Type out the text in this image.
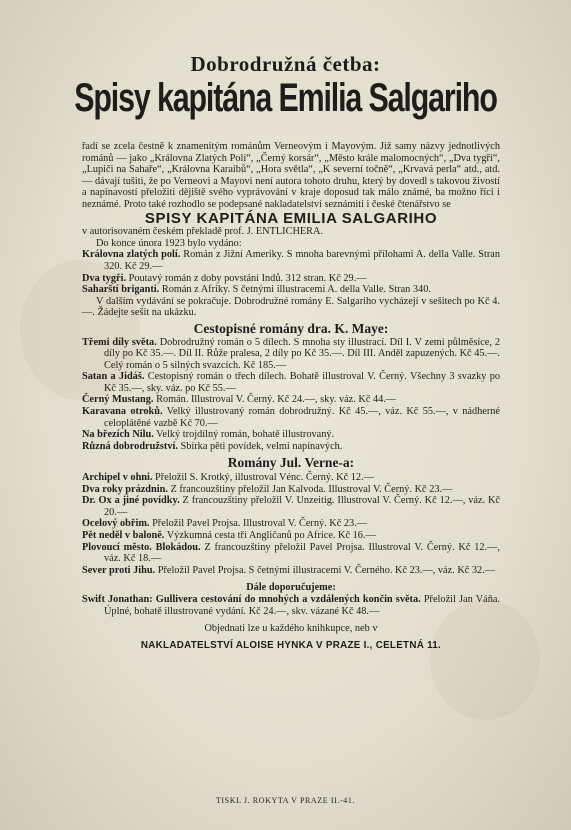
Dobrodružná četba:
Spisy kapitána Emilia Salgariho

řadí se zcela čestně k znamenitým románům Verneovým i Mayovým. Již samy názvy jednotlivých románů — jako „Královna Zlatých Polí“, „Černý korsár“, „Město krále malomocných“, „Dva tygři“, „Lupiči na Sahaře“, „Královna Karaibů“, „Hora světla“, „K severní točně“, „Krvavá perla“ atd., atd. — dávají tušiti, že po Verneovi a Mayovi není autora tohoto druhu, který by dovedl s takovou živostí a napínavostí přeložiti dějiště svého vyprávování v kraje doposud tak málo známé, ba možno říci i neznámé. Proto také rozhodlo se podepsané nakladatelství seznámiti i české čtenářstvo se

SPISY KAPITÁNA EMILIA SALGARIHO

v autorisovaném českém překladě prof. J. ENTLICHERA.

Do konce února 1923 bylo vydáno:

Královna zlatých polí. Román z Jižní Ameriky. S mnoha barevnými přílohami A. della Valle. Stran 320. Kč 29.—

Dva tygři. Poutavý román z doby povstání Indů. 312 stran. Kč 29.—

Saharští briganti. Román z Afriky. S četnými illustracemi A. della Valle. Stran 340.

V dalším vydávání se pokračuje. Dobrodružné romány E. Salgariho vycházejí v sešitech po Kč 4.—. Žádejte sešit na ukázku.

Cestopisné romány dra. K. Maye:

Třemi díly světa. Dobrodružný román o 5 dílech. S mnoha sty illustrací. Díl I. V zemi půlměsíce, 2 díly po Kč 35.—. Díl II. Růže pralesa, 2 díly po Kč 35.—. Díl III. Anděl zapuzených. Kč 45.—. Celý román o 5 silných svazcích. Kč 185.—

Satan a Jidáš. Cestopisný román o třech dílech. Bohatě illustroval V. Černý. Všechny 3 svazky po Kč 35.—, sky. váz. po Kč 55.—

Černý Mustang. Román. Illustroval V. Černý. Kč 24.—, sky. váz. Kč 44.—

Karavana otroků. Velký illustrovaný román dobrodružný. Kč 45.—, váz. Kč 55.—, v nádherné celoplátěné vazbě Kč 70.—

Na březích Nilu. Velký trojdílný román, bohatě illustrovaný.

Různá dobrodružství. Sbírka pěti povídek, velmi napínavých.

Romány Jul. Verne-a:

Archipel v ohni. Přeložil S. Krotký, illustroval Vénc. Černý. Kč 12.—

Dva roky prázdnin. Z francouzštiny přeložil Jan Kalvoda. Illustroval V. Černý. Kč 23.—

Dr. Ox a jiné povídky. Z francouzštiny přeložil V. Unzeitig. Illustroval V. Černý. Kč 12.—, váz. Kč 20.—

Ocelový obřim. Přeložil Pavel Projsa. Illustroval V. Černý. Kč 23.—

Pět neděl v baloně. Výzkumná cesta tří Angličanů po Africe. Kč 16.—

Plovoucí město. Blokádou. Z francouzštiny přeložil Pavel Projsa. Illustroval V. Černý. Kč 12.—, váz. Kč 18.—

Sever proti Jihu. Přeložil Pavel Projsa. S četnými illustracemi V. Černého. Kč 23.—, váz. Kč 32.—

Dále doporučujeme:

Swift Jonathan: Gullivera cestování do mnohých a vzdálených končin světa. Přeložil Jan Váňa. Úplné, bohatě illustrované vydání. Kč 24.—, skv. vázané Kč 48.—

Objednati lze u každého knihkupce, neb v

NAKLADATELSTVÍ ALOISE HYNKA V PRAZE I., CELETNÁ 11.

TISKL J. ROKYTA V PRAZE II.-41.
